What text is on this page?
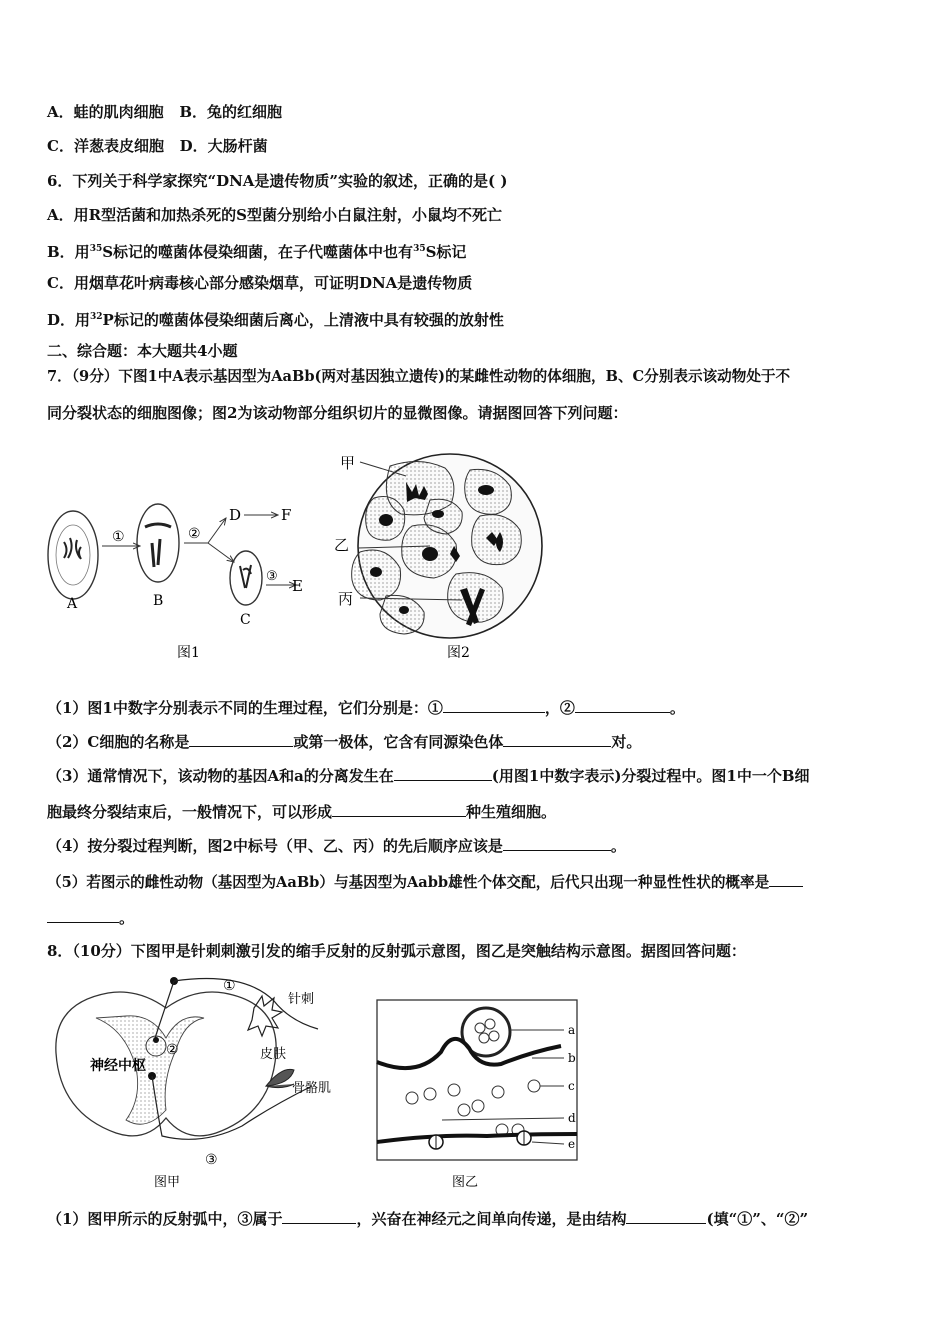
A．蛙的肌肉细胞 B．兔的红细胞
C．洋葱表皮细胞 D．大肠杆菌
6．下列关于科学家探究“DNA是遗传物质”实验的叙述，正确的是( )
A．用R型活菌和加热杀死的S型菌分别给小白鼠注射，小鼠均不死亡
B．用$^{35}$S标记的噬菌体侵染细菌，在子代噬菌体中也有$^{35}$S标记
C．用烟草花叶病毒核心部分感染烟草，可证明DNA是遗传物质
D．用$^{32}$P标记的噬菌体侵染细菌后离心，上清液中具有较强的放射性
二、综合题：本大题共4小题
7．（9分）下图1中A表示基因型为AaBb(两对基因独立遗传)的某雌性动物的体细胞，B、C分别表示该动物处于不
同分裂状态的细胞图像；图2为该动物部分组织切片的显微图像。请据图回答下列问题：
A
①
B
②
D	F
C
③
E
图1
甲
乙
丙
图2
（1）图1中数字分别表示不同的生理过程，它们分别是：①	，②	。
（2）C细胞的名称是	或第一极体，它含有同源染色体	对。
（3）通常情况下，该动物的基因A和a的分离发生在	(用图1中数字表示)分裂过程中。图1中一个B细
胞最终分裂结束后，一般情况下，可以形成	种生殖细胞。
（4）按分裂过程判断，图2中标号（甲、乙、丙）的先后顺序应该是	。
（5）若图示的雌性动物（基因型为AaBb）与基因型为Aabb雄性个体交配，后代只出现一种显性性状的概率是
。
8．（10分）下图甲是针刺刺激引发的缩手反射的反射弧示意图，图乙是突触结构示意图。据图回答问题：
神经中枢
①
②
③
针刺
皮肤
骨骼肌
图甲
a
b
c
d
e
图乙
（1）图甲所示的反射弧中，③属于	，兴奋在神经元之间单向传递，是由结构	(填“①”、“②”
